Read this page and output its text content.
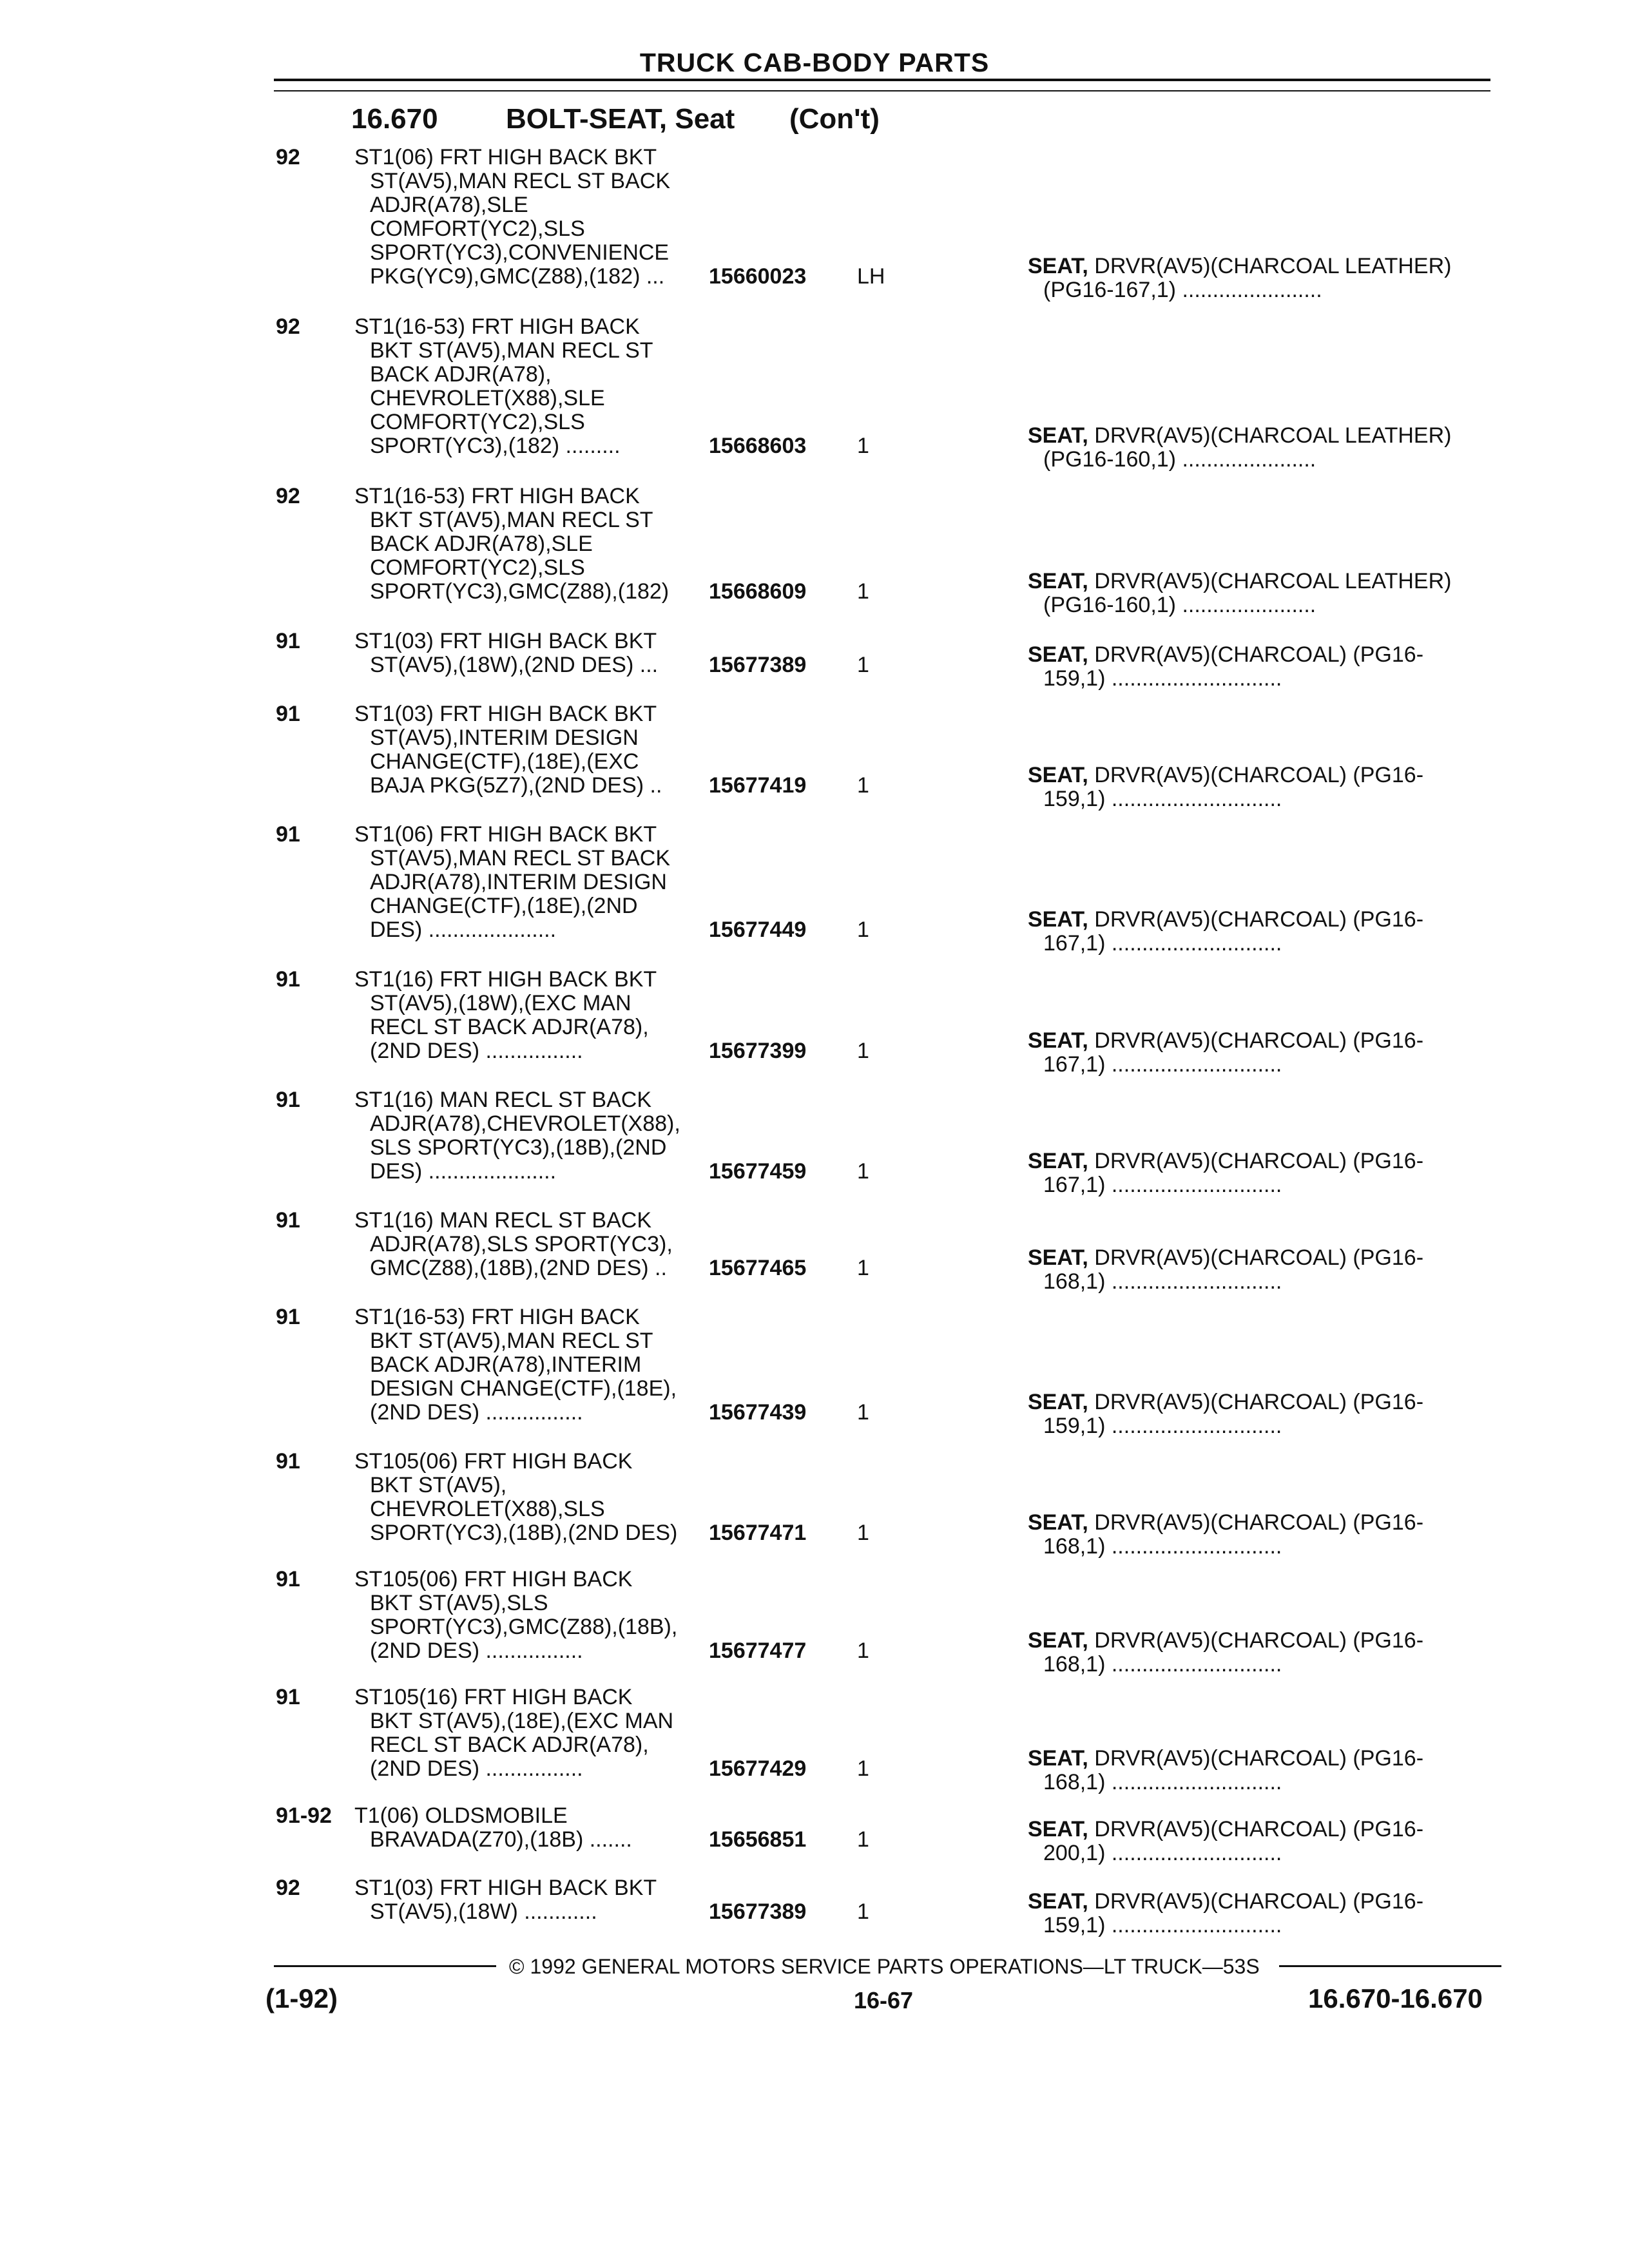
TRUCK CAB-BODY PARTS
16.670 BOLT-SEAT, Seat (Con't)
92 ST1(06) FRT HIGH BACK BKT
ST(AV5),MAN RECL ST BACK
ADJR(A78),SLE
COMFORT(YC2),SLS
SPORT(YC3),CONVENIENCE
PKG(YC9),GMC(Z88),(182) ...	15660023	LH	SEAT, DRVR(AV5)(CHARCOAL LEATHER)
(PG16-167,1) .......................
92 ST1(16-53) FRT HIGH BACK
BKT ST(AV5),MAN RECL ST
BACK ADJR(A78),
CHEVROLET(X88),SLE
COMFORT(YC2),SLS
SPORT(YC3),(182) .........	15668603	1	SEAT, DRVR(AV5)(CHARCOAL LEATHER)
(PG16-160,1) ......................
92 ST1(16-53) FRT HIGH BACK
BKT ST(AV5),MAN RECL ST
BACK ADJR(A78),SLE
COMFORT(YC2),SLS
SPORT(YC3),GMC(Z88),(182)	15668609	1	SEAT, DRVR(AV5)(CHARCOAL LEATHER)
(PG16-160,1) ......................
91 ST1(03) FRT HIGH BACK BKT
ST(AV5),(18W),(2ND DES) ...	15677389	1	SEAT, DRVR(AV5)(CHARCOAL) (PG16-
159,1) ............................
91 ST1(03) FRT HIGH BACK BKT
ST(AV5),INTERIM DESIGN
CHANGE(CTF),(18E),(EXC
BAJA PKG(5Z7),(2ND DES) ..	15677419	1	SEAT, DRVR(AV5)(CHARCOAL) (PG16-
159,1) ............................
91 ST1(06) FRT HIGH BACK BKT
ST(AV5),MAN RECL ST BACK
ADJR(A78),INTERIM DESIGN
CHANGE(CTF),(18E),(2ND
DES) .....................	15677449	1	SEAT, DRVR(AV5)(CHARCOAL) (PG16-
167,1) ............................
91 ST1(16) FRT HIGH BACK BKT
ST(AV5),(18W),(EXC MAN
RECL ST BACK ADJR(A78),
(2ND DES) ................	15677399	1	SEAT, DRVR(AV5)(CHARCOAL) (PG16-
167,1) ............................
91 ST1(16) MAN RECL ST BACK
ADJR(A78),CHEVROLET(X88),
SLS SPORT(YC3),(18B),(2ND
DES) .....................	15677459	1	SEAT, DRVR(AV5)(CHARCOAL) (PG16-
167,1) ............................
91 ST1(16) MAN RECL ST BACK
ADJR(A78),SLS SPORT(YC3),
GMC(Z88),(18B),(2ND DES) ..	15677465	1	SEAT, DRVR(AV5)(CHARCOAL) (PG16-
168,1) ............................
91 ST1(16-53) FRT HIGH BACK
BKT ST(AV5),MAN RECL ST
BACK ADJR(A78),INTERIM
DESIGN CHANGE(CTF),(18E),
(2ND DES) ................	15677439	1	SEAT, DRVR(AV5)(CHARCOAL) (PG16-
159,1) ............................
91 ST105(06) FRT HIGH BACK
BKT ST(AV5),
CHEVROLET(X88),SLS
SPORT(YC3),(18B),(2ND DES)	15677471	1	SEAT, DRVR(AV5)(CHARCOAL) (PG16-
168,1) ............................
91 ST105(06) FRT HIGH BACK
BKT ST(AV5),SLS
SPORT(YC3),GMC(Z88),(18B),
(2ND DES) ................	15677477	1	SEAT, DRVR(AV5)(CHARCOAL) (PG16-
168,1) ............................
91 ST105(16) FRT HIGH BACK
BKT ST(AV5),(18E),(EXC MAN
RECL ST BACK ADJR(A78),
(2ND DES) ................	15677429	1	SEAT, DRVR(AV5)(CHARCOAL) (PG16-
168,1) ............................
91-92 T1(06) OLDSMOBILE
BRAVADA(Z70),(18B) .......	15656851	1	SEAT, DRVR(AV5)(CHARCOAL) (PG16-
200,1) ............................
92 ST1(03) FRT HIGH BACK BKT
ST(AV5),(18W) ............	15677389	1	SEAT, DRVR(AV5)(CHARCOAL) (PG16-
159,1) ............................
© 1992 GENERAL MOTORS SERVICE PARTS OPERATIONS—LT TRUCK—53S
(1-92)	16-67	16.670-16.670
